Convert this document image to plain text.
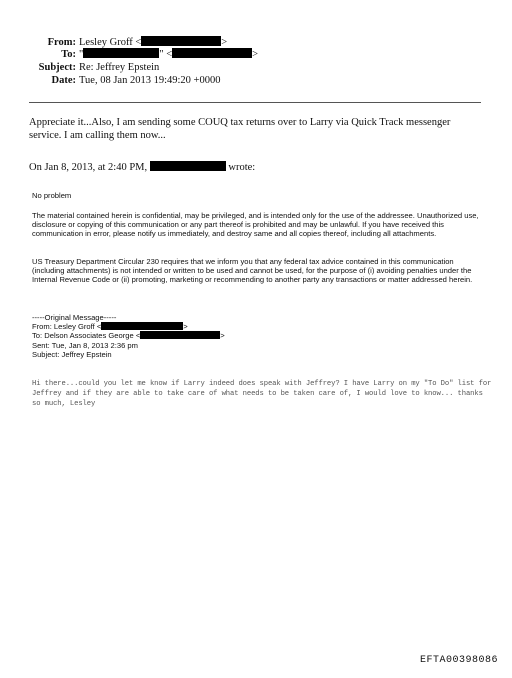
From: Lesley Groff <	>
To: "	" <	>
Subject: Re: Jeffrey Epstein
Date: Tue, 08 Jan 2013 19:49:20 +0000
Appreciate it...Also, I am sending some COUQ tax returns over to Larry via Quick Track messenger service. I am calling them now...
On Jan 8, 2013, at 2:40 PM,	wrote:
No problem
The material contained herein is confidential, may be privileged, and is intended only for the use of the addressee. Unauthorized use, disclosure or copying of this communication or any part thereof is prohibited and may be unlawful. If you have received this communication in error, please notify us immediately, and destroy same and all copies thereof, including all attachments.
US Treasury Department Circular 230 requires that we inform you that any federal tax advice contained in this communication (including attachments) is not intended or written to be used and cannot be used, for the purpose of (i) avoiding penalties under the Internal Revenue Code or (ii) promoting, marketing or recommending to another party any transactions or matter addressed herein.
-----Original Message-----
From: Lesley Groff <	>
To: Delson Associates George <	>
Sent: Tue, Jan 8, 2013 2:36 pm
Subject: Jeffrey Epstein
Hi there...could you let me know if Larry indeed does speak with Jeffrey? I have Larry on my "To Do" list for Jeffrey and if they are able to take care of what needs to be taken care of, I would love to know... thanks so much, Lesley
EFTA00398086
